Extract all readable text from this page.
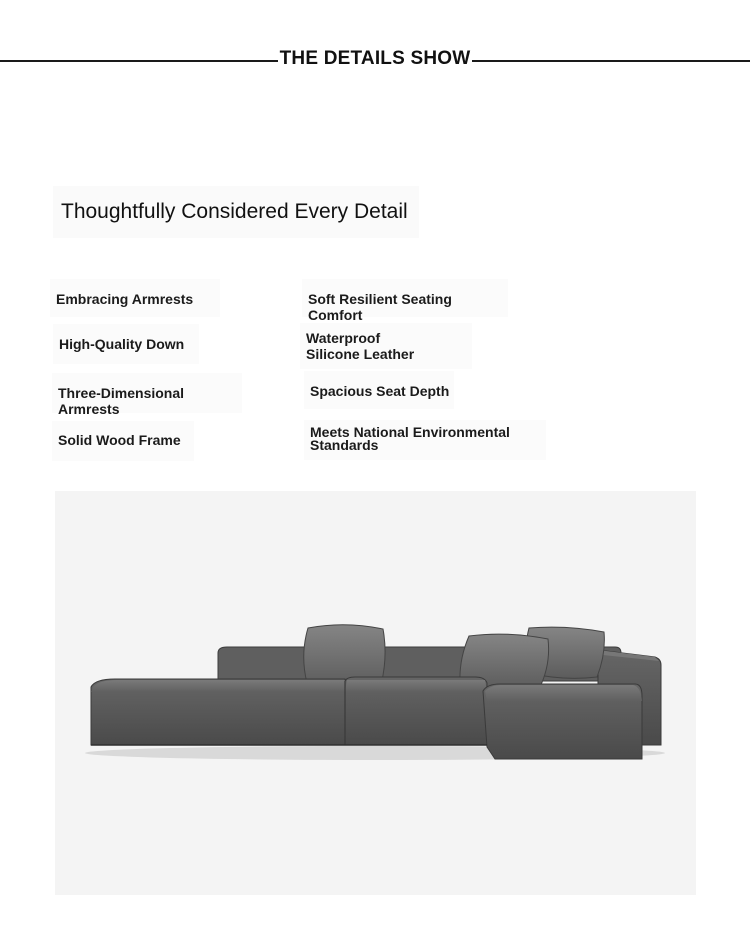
THE DETAILS SHOW
Thoughtfully Considered Every Detail
Embracing Armrests
High-Quality Down
Three-Dimensional Armrests
Solid Wood Frame
Soft Resilient Seating Comfort
Waterproof Silicone Leather
Spacious Seat Depth
Meets National Environmental Standards
